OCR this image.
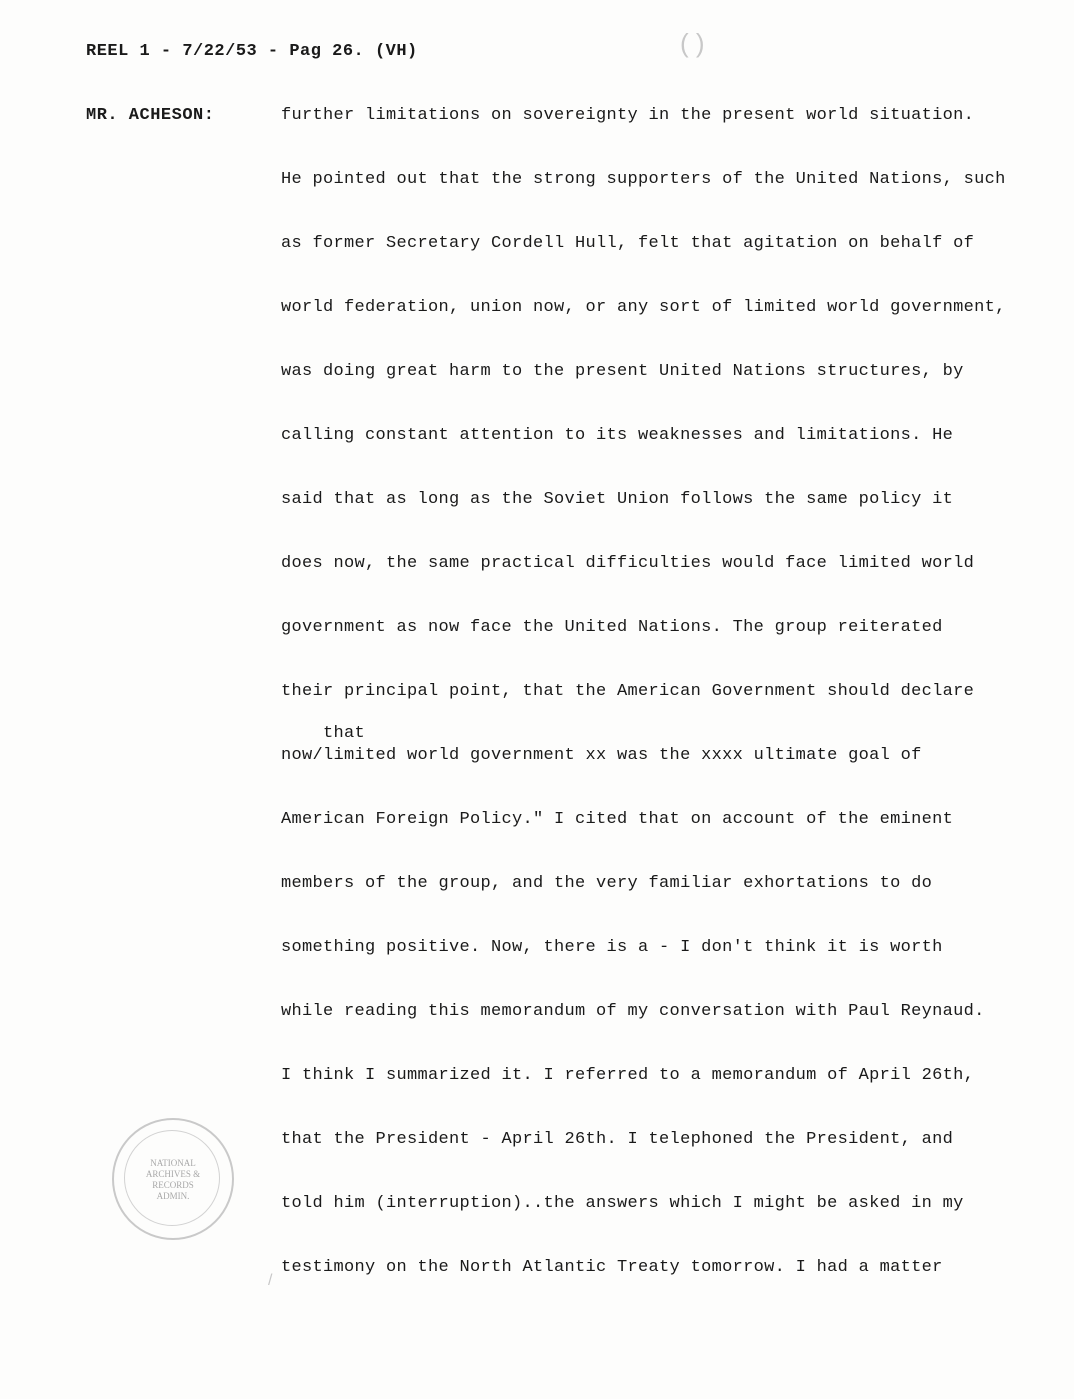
REEL 1 - 7/22/53 - Pag 26. (VH)
MR. ACHESON:	further limitations on sovereignty in the present world situation.
He pointed out that the strong supporters of the United Nations, such
as former Secretary Cordell Hull, felt that agitation on behalf of
world federation, union now, or any sort of limited world government,
was doing great harm to the present United Nations structures, by
calling constant attention to its weaknesses and limitations. He
said that as long as the Soviet Union follows the same policy it
does now, the same practical difficulties would face limited world
government as now face the United Nations. The group reiterated
their principal point, that the American Government should declare
that
now/limited world government xx was the xxxx ultimate goal of
American Foreign Policy." I cited that on account of the eminent
members of the group, and the very familiar exhortations to do
something positive. Now, there is a - I don't think it is worth
while reading this memorandum of my conversation with Paul Reynaud.
I think I summarized it. I referred to a memorandum of April 26th,
that the President - April 26th. I telephoned the President, and
told him (interruption)..the answers which I might be asked in my
testimony on the North Atlantic Treaty tomorrow. I had a matter
( )
/
NATIONAL
ARCHIVES &
RECORDS
ADMIN.
